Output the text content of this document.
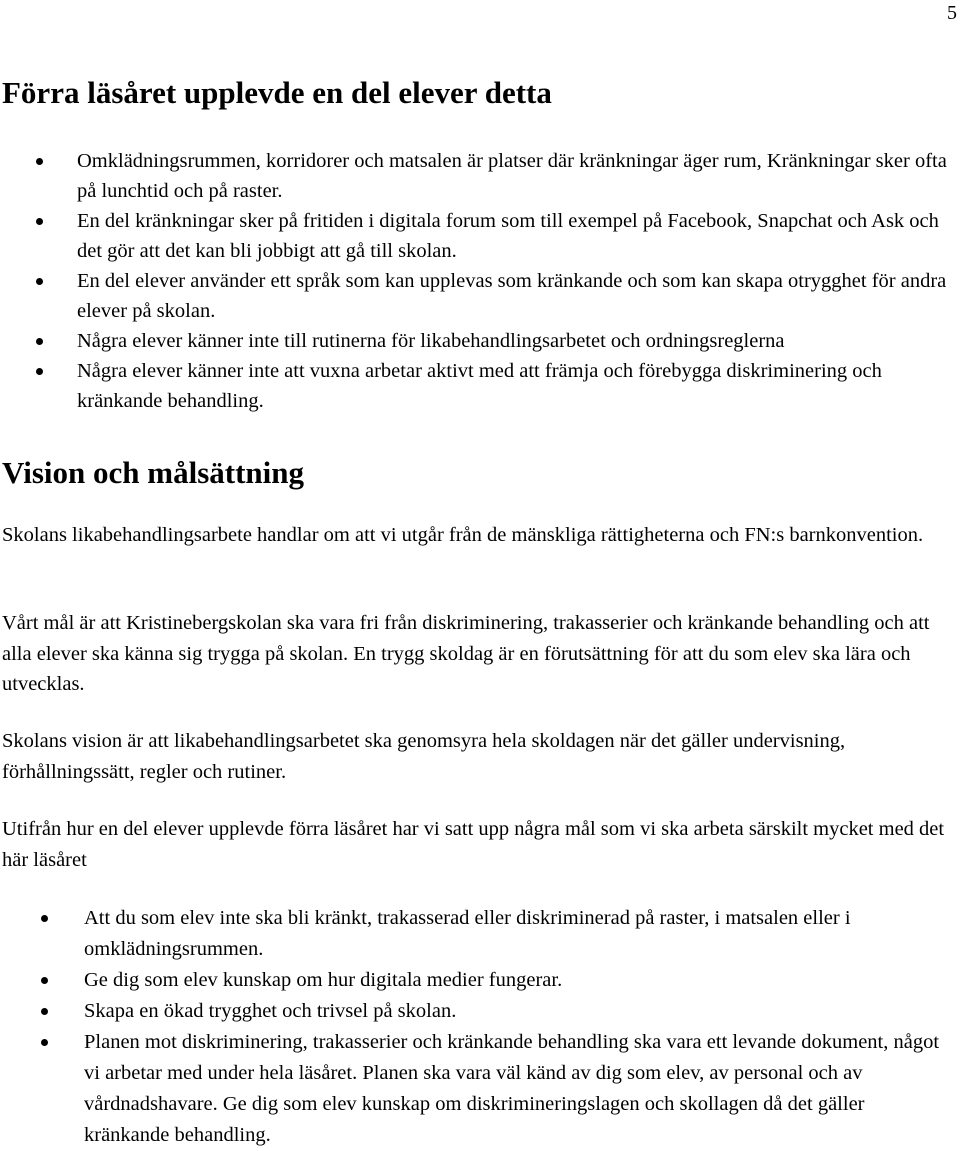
5
Förra läsåret upplevde en del elever detta
Omklädningsrummen, korridorer och matsalen är platser där kränkningar äger rum, Kränkningar sker ofta på lunchtid och på raster.
En del kränkningar sker på fritiden i digitala forum som till exempel på Facebook, Snapchat och Ask och det gör att det kan bli jobbigt att gå till skolan.
En del elever använder ett språk som kan upplevas som kränkande och som kan skapa otrygghet för andra elever på skolan.
Några elever känner inte till rutinerna för likabehandlingsarbetet och ordningsreglerna
Några elever känner inte att vuxna arbetar aktivt med att främja och förebygga diskriminering och kränkande behandling.
Vision och målsättning

Skolans likabehandlingsarbete handlar om att vi utgår från de mänskliga rättigheterna och FN:s barnkonvention.

Vårt mål är att Kristinebergskolan ska vara fri från diskriminering, trakasserier och kränkande behandling och att alla elever ska känna sig trygga på skolan. En trygg skoldag är en förutsättning för att du som elev ska lära och utvecklas.

Skolans vision är att likabehandlingsarbetet ska genomsyra hela skoldagen när det gäller undervisning, förhållningssätt, regler och rutiner.

Utifrån hur en del elever upplevde förra läsåret har vi satt upp några mål som vi ska arbeta särskilt mycket med det här läsåret

Att du som elev inte ska bli kränkt, trakasserad eller diskriminerad på raster, i matsalen eller i omklädningsrummen.
Ge dig som elev kunskap om hur digitala medier fungerar.
Skapa en ökad trygghet och trivsel på skolan.
Planen mot diskriminering, trakasserier och kränkande behandling ska vara ett levande dokument, något vi arbetar med under hela läsåret. Planen ska vara väl känd av dig som elev, av personal och av vårdnadshavare. Ge dig som elev kunskap om diskrimineringslagen och skollagen då det gäller kränkande behandling.
